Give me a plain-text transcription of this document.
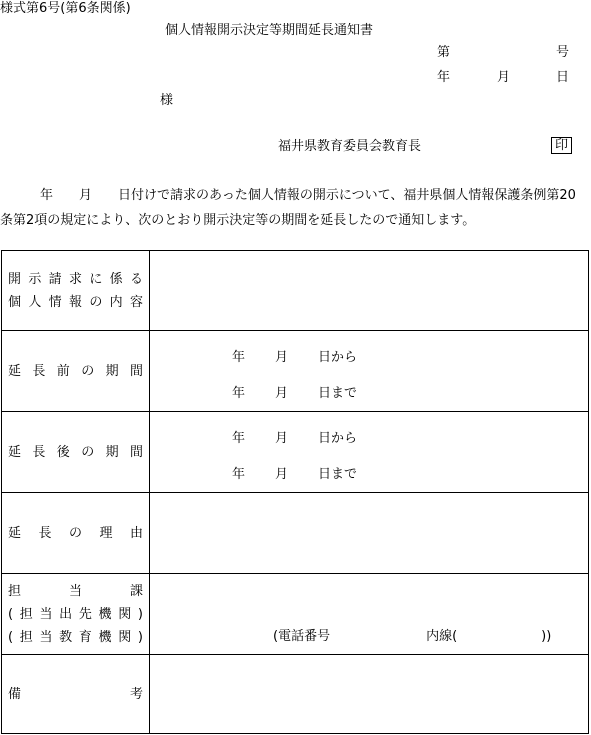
様式第6号(第6条関係)
個人情報開示決定等期間延長通知書
第	号
年	月	日
様
福井県教育委員会教育長	印
年　　月　　日付けで請求のあった個人情報の開示について、福井県個人情報保護条例第20条第2項の規定により、次のとおり開示決定等の期間を延長したので通知します。
開示請求に係る
個人情報の内容	

延長前の期間	年 月 日から
年 月 日まで

延長後の期間	年 月 日から
年 月 日まで

延長の理由	

担当課
(担当出先機関)
(担当教育機関)	(電話番号 内線( ))

備考	
